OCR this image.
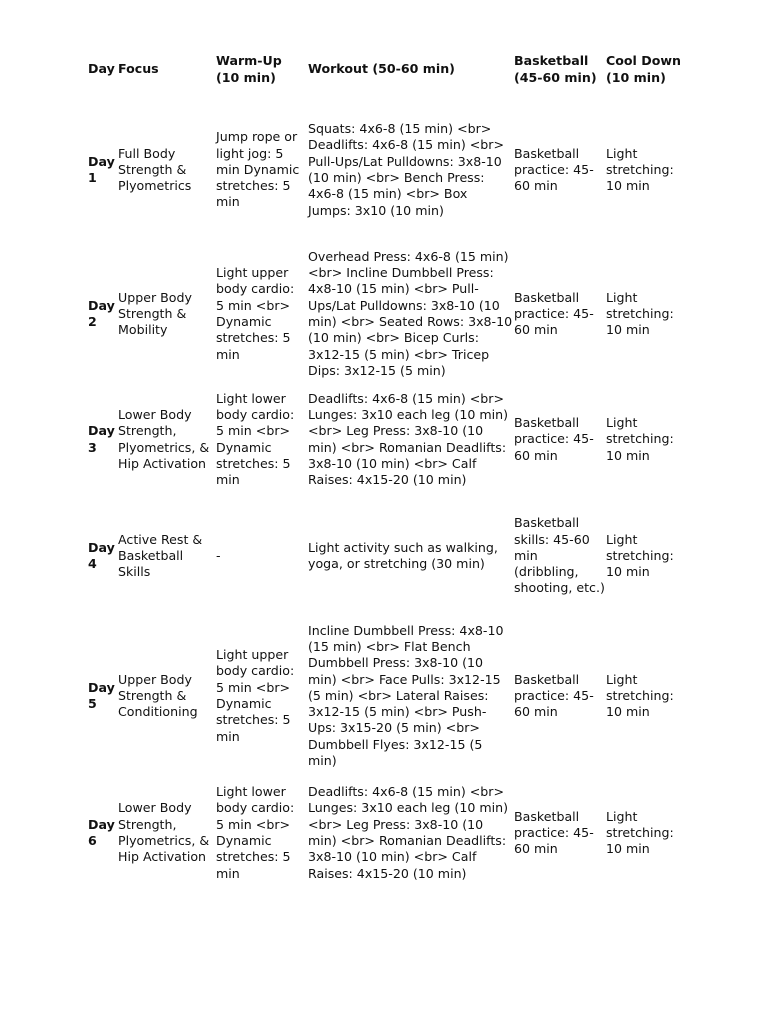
Day	Focus	Warm-Up (10 min)	Workout (50-60 min)	Basketball (45-60 min)	Cool Down (10 min)
Day 1	Full Body Strength & Plyometrics	Jump rope or light jog: 5 min Dynamic stretches: 5 min	Squats: 4x6-8 (15 min) <br> Deadlifts: 4x6-8 (15 min) <br> Pull-Ups/Lat Pulldowns: 3x8-10 (10 min) <br> Bench Press: 4x6-8 (15 min) <br> Box Jumps: 3x10 (10 min)	Basketball practice: 45-60 min	Light stretching: 10 min
Day 2	Upper Body Strength & Mobility	Light upper body cardio: 5 min <br> Dynamic stretches: 5 min	Overhead Press: 4x6-8 (15 min) <br> Incline Dumbbell Press: 4x8-10 (15 min) <br> Pull-Ups/Lat Pulldowns: 3x8-10 (10 min) <br> Seated Rows: 3x8-10 (10 min) <br> Bicep Curls: 3x12-15 (5 min) <br> Tricep Dips: 3x12-15 (5 min)	Basketball practice: 45-60 min	Light stretching: 10 min
Day 3	Lower Body Strength, Plyometrics, & Hip Activation	Light lower body cardio: 5 min <br> Dynamic stretches: 5 min	Deadlifts: 4x6-8 (15 min) <br> Lunges: 3x10 each leg (10 min) <br> Leg Press: 3x8-10 (10 min) <br> Romanian Deadlifts: 3x8-10 (10 min) <br> Calf Raises: 4x15-20 (10 min)	Basketball practice: 45-60 min	Light stretching: 10 min
Day 4	Active Rest & Basketball Skills	-	Light activity such as walking, yoga, or stretching (30 min)	Basketball skills: 45-60 min (dribbling, shooting, etc.)	Light stretching: 10 min
Day 5	Upper Body Strength & Conditioning	Light upper body cardio: 5 min <br> Dynamic stretches: 5 min	Incline Dumbbell Press: 4x8-10 (15 min) <br> Flat Bench Dumbbell Press: 3x8-10 (10 min) <br> Face Pulls: 3x12-15 (5 min) <br> Lateral Raises: 3x12-15 (5 min) <br> Push-Ups: 3x15-20 (5 min) <br> Dumbbell Flyes: 3x12-15 (5 min)	Basketball practice: 45-60 min	Light stretching: 10 min
Day 6	Lower Body Strength, Plyometrics, & Hip Activation	Light lower body cardio: 5 min <br> Dynamic stretches: 5 min	Deadlifts: 4x6-8 (15 min) <br> Lunges: 3x10 each leg (10 min) <br> Leg Press: 3x8-10 (10 min) <br> Romanian Deadlifts: 3x8-10 (10 min) <br> Calf Raises: 4x15-20 (10 min)	Basketball practice: 45-60 min	Light stretching: 10 min
